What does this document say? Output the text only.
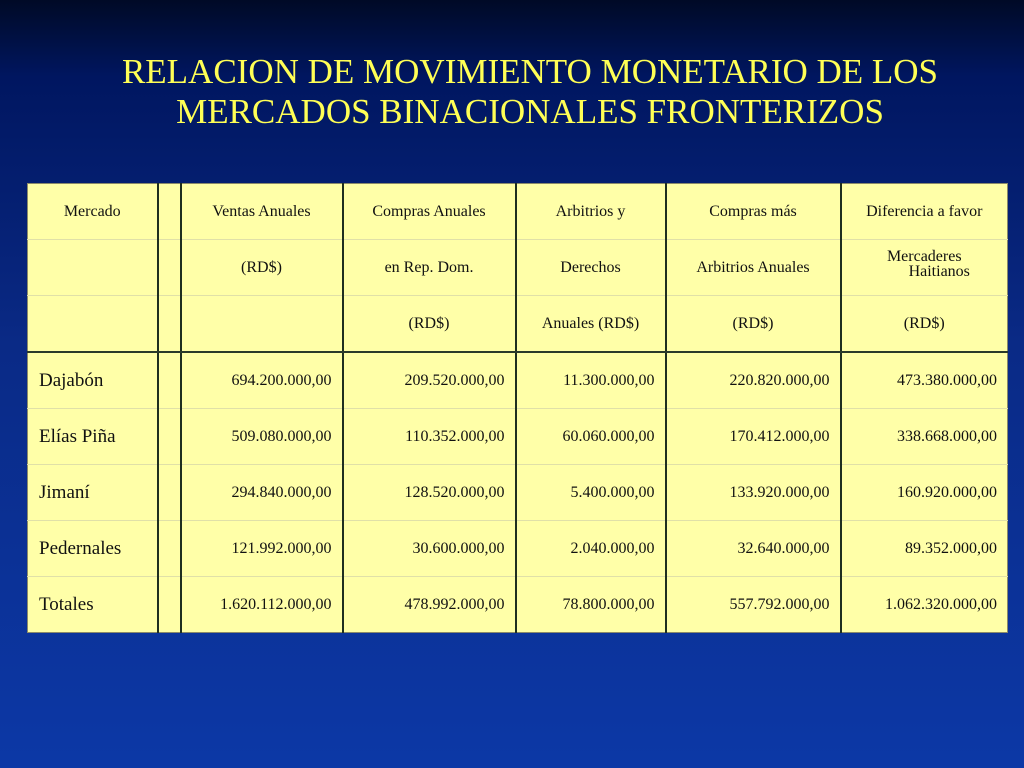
RELACION DE MOVIMIENTO MONETARIO DE LOS
MERCADOS BINACIONALES FRONTERIZOS
Mercado		Ventas Anuales	Compras Anuales	Arbitrios y	Compras más	Diferencia a favor
		(RD$)	en Rep. Dom.	Derechos	Arbitrios Anuales	Mercaderes
Haitianos

			(RD$)	Anuales (RD$)	(RD$)	(RD$)
Dajabón		694.200.000,00	209.520.000,00	11.300.000,00	220.820.000,00	473.380.000,00
Elías Piña		509.080.000,00	110.352.000,00	60.060.000,00	170.412.000,00	338.668.000,00
Jimaní		294.840.000,00	128.520.000,00	5.400.000,00	133.920.000,00	160.920.000,00
Pedernales		121.992.000,00	30.600.000,00	2.040.000,00	32.640.000,00	89.352.000,00
Totales		1.620.112.000,00	478.992.000,00	78.800.000,00	557.792.000,00	1.062.320.000,00
